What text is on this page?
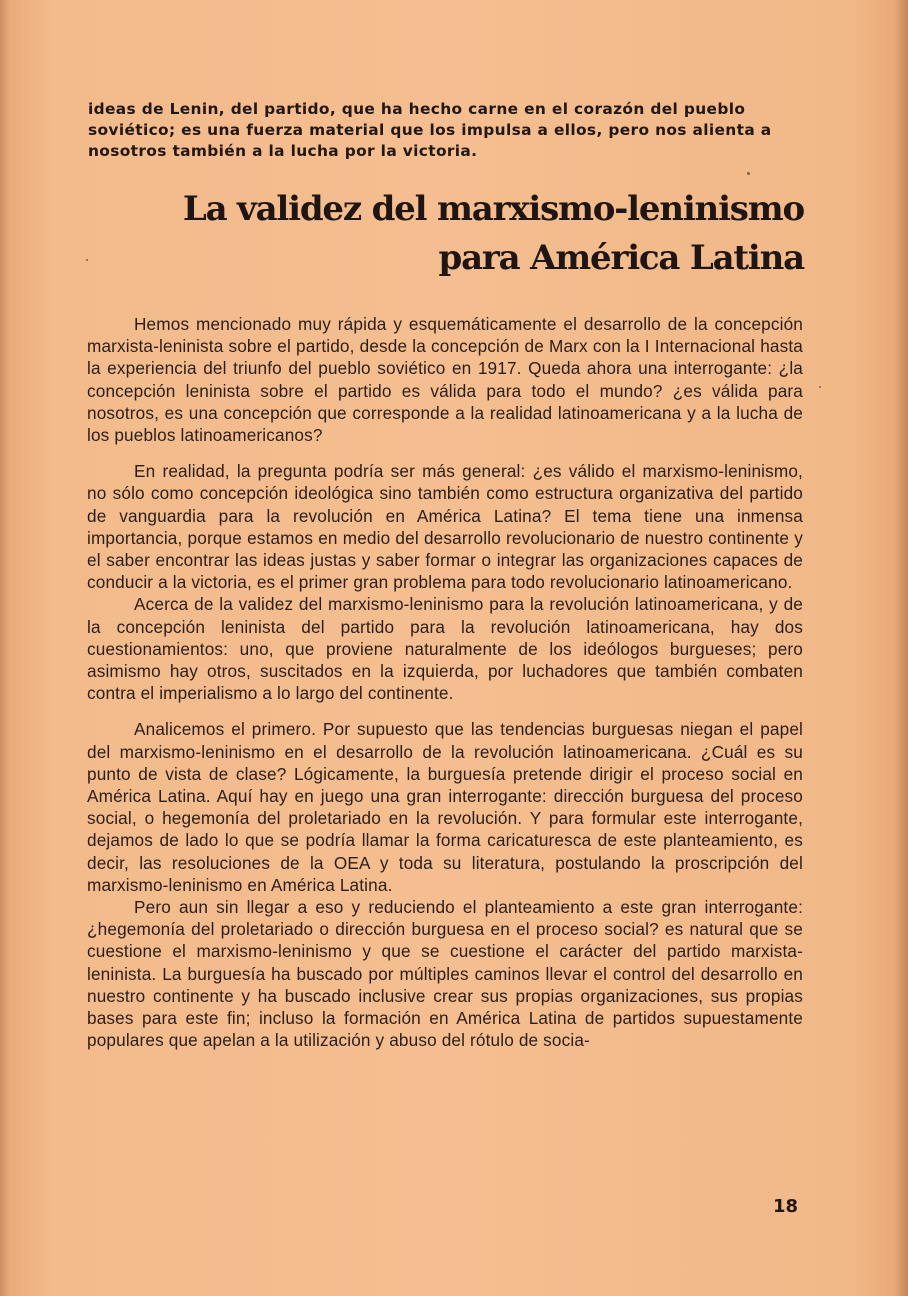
ideas de Lenin, del partido, que ha hecho carne en el corazón del pueblo soviético; es una fuerza material que los impulsa a ellos, pero nos alienta a nosotros también a la lucha por la victoria.

La validez del marxismo-leninismo
para América Latina

Hemos mencionado muy rápida y esquemáticamente el desarrollo de la concepción marxista-leninista sobre el partido, desde la concepción de Marx con la I Internacional hasta la experiencia del triunfo del pueblo soviético en 1917. Queda ahora una interrogante: ¿la concepción leninista sobre el partido es válida para todo el mundo? ¿es válida para nosotros, es una concepción que corresponde a la realidad latinoamericana y a la lucha de los pueblos latinoamericanos?

En realidad, la pregunta podría ser más general: ¿es válido el marxismo-leninismo, no sólo como concepción ideológica sino también como estructura organizativa del partido de vanguardia para la revolución en América Latina? El tema tiene una inmensa importancia, porque estamos en medio del desarrollo revolucionario de nuestro continente y el saber encontrar las ideas justas y saber formar o integrar las organizaciones capaces de conducir a la victoria, es el primer gran problema para todo revolucionario latinoamericano.

Acerca de la validez del marxismo-leninismo para la revolución latinoamericana, y de la concepción leninista del partido para la revolución latinoamericana, hay dos cuestionamientos: uno, que proviene naturalmente de los ideólogos burgueses; pero asimismo hay otros, suscitados en la izquierda, por luchadores que también combaten contra el imperialismo a lo largo del continente.

Analicemos el primero. Por supuesto que las tendencias burguesas niegan el papel del marxismo-leninismo en el desarrollo de la revolución latinoamericana. ¿Cuál es su punto de vista de clase? Lógicamente, la burguesía pretende dirigir el proceso social en América Latina. Aquí hay en juego una gran interrogante: dirección burguesa del proceso social, o hegemonía del proletariado en la revolución. Y para formular este interrogante, dejamos de lado lo que se podría llamar la forma caricaturesca de este planteamiento, es decir, las resoluciones de la OEA y toda su literatura, postulando la proscripción del marxismo-leninismo en América Latina.

Pero aun sin llegar a eso y reduciendo el planteamiento a este gran interrogante: ¿hegemonía del proletariado o dirección burguesa en el proceso social? es natural que se cuestione el marxismo-leninismo y que se cuestione el carácter del partido marxista-leninista. La burguesía ha buscado por múltiples caminos llevar el control del desarrollo en nuestro continente y ha buscado inclusive crear sus propias organizaciones, sus propias bases para este fin; incluso la formación en América Latina de partidos supuestamente populares que apelan a la utilización y abuso del rótulo de socia-

18
